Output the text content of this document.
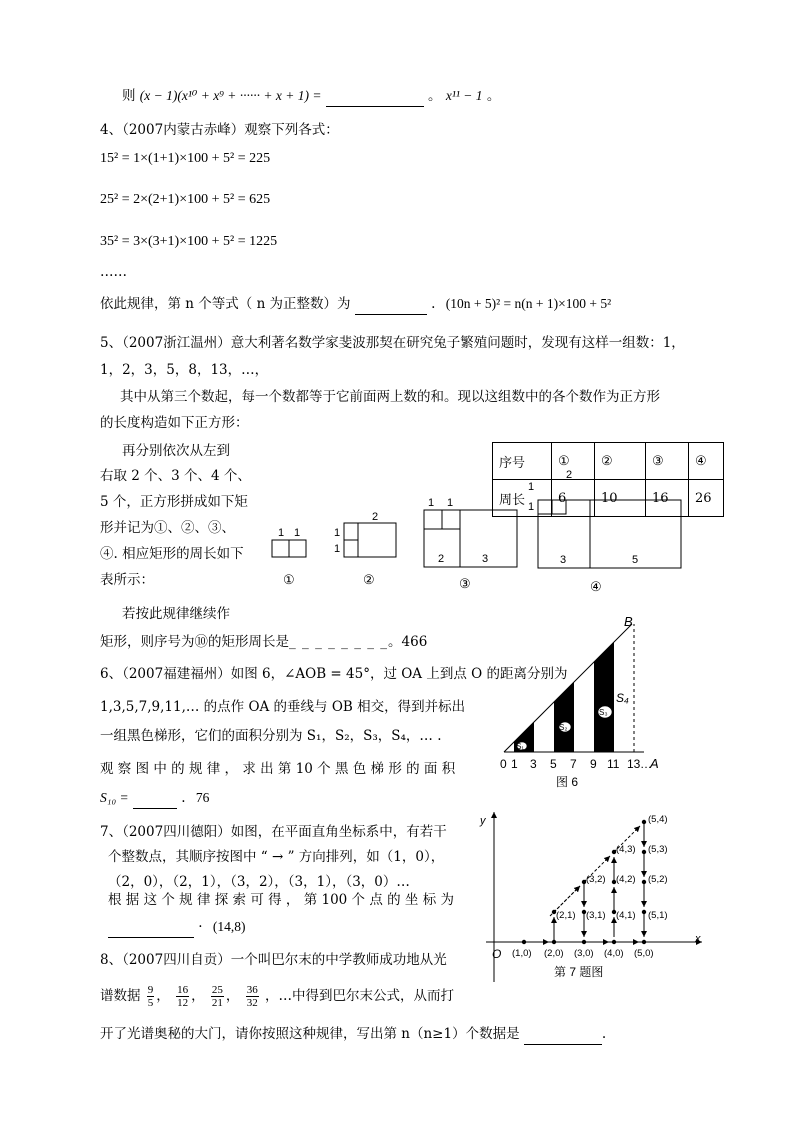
则 (x − 1)(x¹⁰ + x⁹ + ······ + x + 1) =	。 x¹¹ − 1 。
4、（2007内蒙古赤峰）观察下列各式：
15² = 1×(1+1)×100 + 5² = 225
25² = 2×(2+1)×100 + 5² = 625
35² = 3×(3+1)×100 + 5² = 1225
……
依此规律，第 n 个等式（ n 为正整数）为	. (10n + 5)² = n(n + 1)×100 + 5²
5、（2007浙江温州）意大利著名数学家斐波那契在研究兔子繁殖问题时，发现有这样一组数：1，
1，2，3，5，8，13，…，
其中从第三个数起，每一个数都等于它前面两上数的和。现以这组数中的各个数作为正方形
的长度构造如下正方形：
再分别依次从左到
右取 2 个、3 个、4 个、
5 个，正方形拼成如下矩
形并记为①、②、③、
④. 相应矩形的周长如下
表所示：
序号	①	②	③	④
周长	6	10	16	26
1 1
2
1
1
1 1
2	3
2
1
1
3	5
①	②	③	④
若按此规律继续作
矩形，则序号为⑩的矩形周长是_ _ _ _ _ _ _ _。466
6、（2007福建福州）如图 6，∠AOB = 45°，过 OA 上到点 O 的距离分别为
1,3,5,7,9,11,… 的点作 OA 的垂线与 OB 相交，得到并标出
一组黑色梯形，它们的面积分别为 S₁，S₂，S₃，S₄，… .
观 察 图 中 的 规 律 ， 求 出 第 10 个 黑 色 梯 形 的 面 积
S₁₀ =	. 76
S₁
S₂
S₃
S₄
B
A
0 1 3 5 7 9 11 13 …
图 6
7、（2007四川德阳）如图，在平面直角坐标系中，有若干
个整数点，其顺序按图中 “ → ” 方向排列，如（1，0），
（2，0），（2，1），（3，2），（3，1），（3，0）…
根 据 这 个 规 律 探 索 可 得 ， 第 100 个 点 的 坐 标 为
· (14,8)
x
y
O (1,0) (2,0) (3,0) (4,0) (5,0)
(2,1) (3,1) (4,1) (5,1)
(3,2) (4,2) (5,2)
(4,3) (5,3)
(5,4)
第 7 题图
8、（2007四川自贡）一个叫巴尔末的中学教师成功地从光
谱数据 $\frac{9}{5}$ ， $\frac{16}{12}$ ， $\frac{25}{21}$ ， $\frac{36}{32}$ ，…中得到巴尔末公式，从而打
开了光谱奥秘的大门，请你按照这种规律，写出第 n（n≥1）个数据是	.
